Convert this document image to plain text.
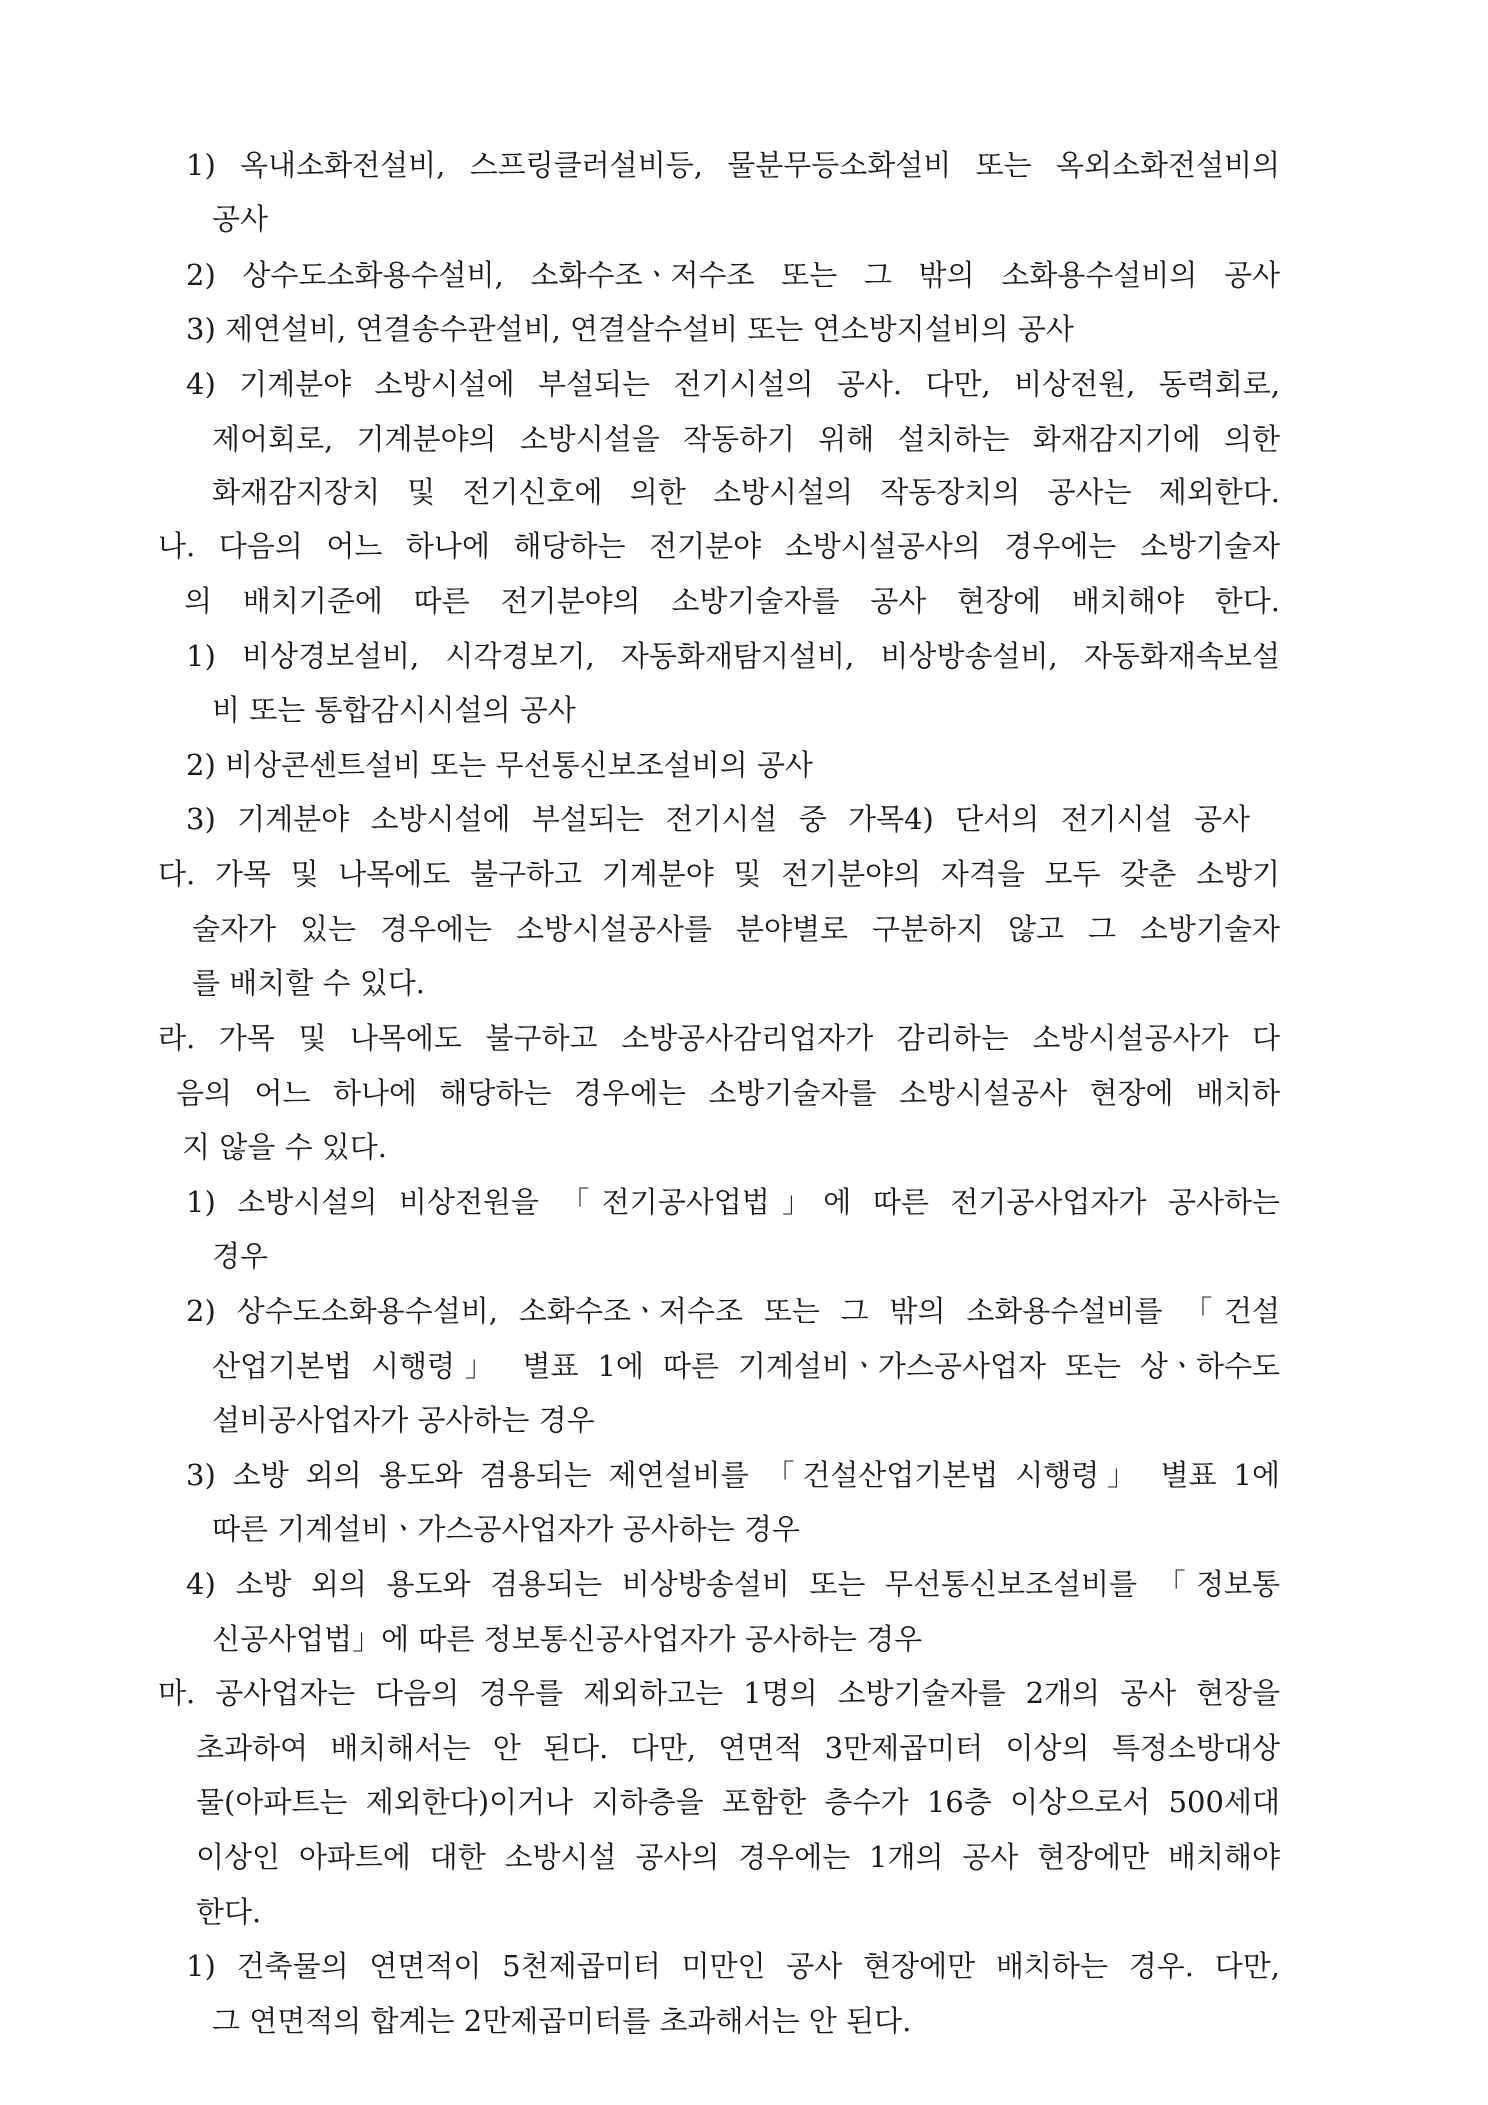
1) 옥내소화전설비, 스프링클러설비등, 물분무등소화설비 또는 옥외소화전설비의
공사
2) 상수도소화용수설비, 소화수조ㆍ저수조 또는 그 밖의 소화용수설비의 공사
3) 제연설비, 연결송수관설비, 연결살수설비 또는 연소방지설비의 공사
4) 기계분야 소방시설에 부설되는 전기시설의 공사. 다만, 비상전원, 동력회로,
제어회로, 기계분야의 소방시설을 작동하기 위해 설치하는 화재감지기에 의한
화재감지장치 및 전기신호에 의한 소방시설의 작동장치의 공사는 제외한다.
나. 다음의 어느 하나에 해당하는 전기분야 소방시설공사의 경우에는 소방기술자
의 배치기준에 따른 전기분야의 소방기술자를 공사 현장에 배치해야 한다.
1) 비상경보설비, 시각경보기, 자동화재탐지설비, 비상방송설비, 자동화재속보설
비 또는 통합감시시설의 공사
2) 비상콘센트설비 또는 무선통신보조설비의 공사
3) 기계분야 소방시설에 부설되는 전기시설 중 가목4) 단서의 전기시설 공사
다. 가목 및 나목에도 불구하고 기계분야 및 전기분야의 자격을 모두 갖춘 소방기
술자가 있는 경우에는 소방시설공사를 분야별로 구분하지 않고 그 소방기술자
를 배치할 수 있다.
라. 가목 및 나목에도 불구하고 소방공사감리업자가 감리하는 소방시설공사가 다
음의 어느 하나에 해당하는 경우에는 소방기술자를 소방시설공사 현장에 배치하
지 않을 수 있다.
1) 소방시설의 비상전원을 「전기공사업법」에 따른 전기공사업자가 공사하는
경우
2) 상수도소화용수설비, 소화수조ㆍ저수조 또는 그 밖의 소화용수설비를 「건설
산업기본법 시행령」 별표 1에 따른 기계설비ㆍ가스공사업자 또는 상ㆍ하수도
설비공사업자가 공사하는 경우
3) 소방 외의 용도와 겸용되는 제연설비를 「건설산업기본법 시행령」 별표 1에
따른 기계설비ㆍ가스공사업자가 공사하는 경우
4) 소방 외의 용도와 겸용되는 비상방송설비 또는 무선통신보조설비를 「정보통
신공사업법」에 따른 정보통신공사업자가 공사하는 경우
마. 공사업자는 다음의 경우를 제외하고는 1명의 소방기술자를 2개의 공사 현장을
초과하여 배치해서는 안 된다. 다만, 연면적 3만제곱미터 이상의 특정소방대상
물(아파트는 제외한다)이거나 지하층을 포함한 층수가 16층 이상으로서 500세대
이상인 아파트에 대한 소방시설 공사의 경우에는 1개의 공사 현장에만 배치해야
한다.
1) 건축물의 연면적이 5천제곱미터 미만인 공사 현장에만 배치하는 경우. 다만,
그 연면적의 합계는 2만제곱미터를 초과해서는 안 된다.
